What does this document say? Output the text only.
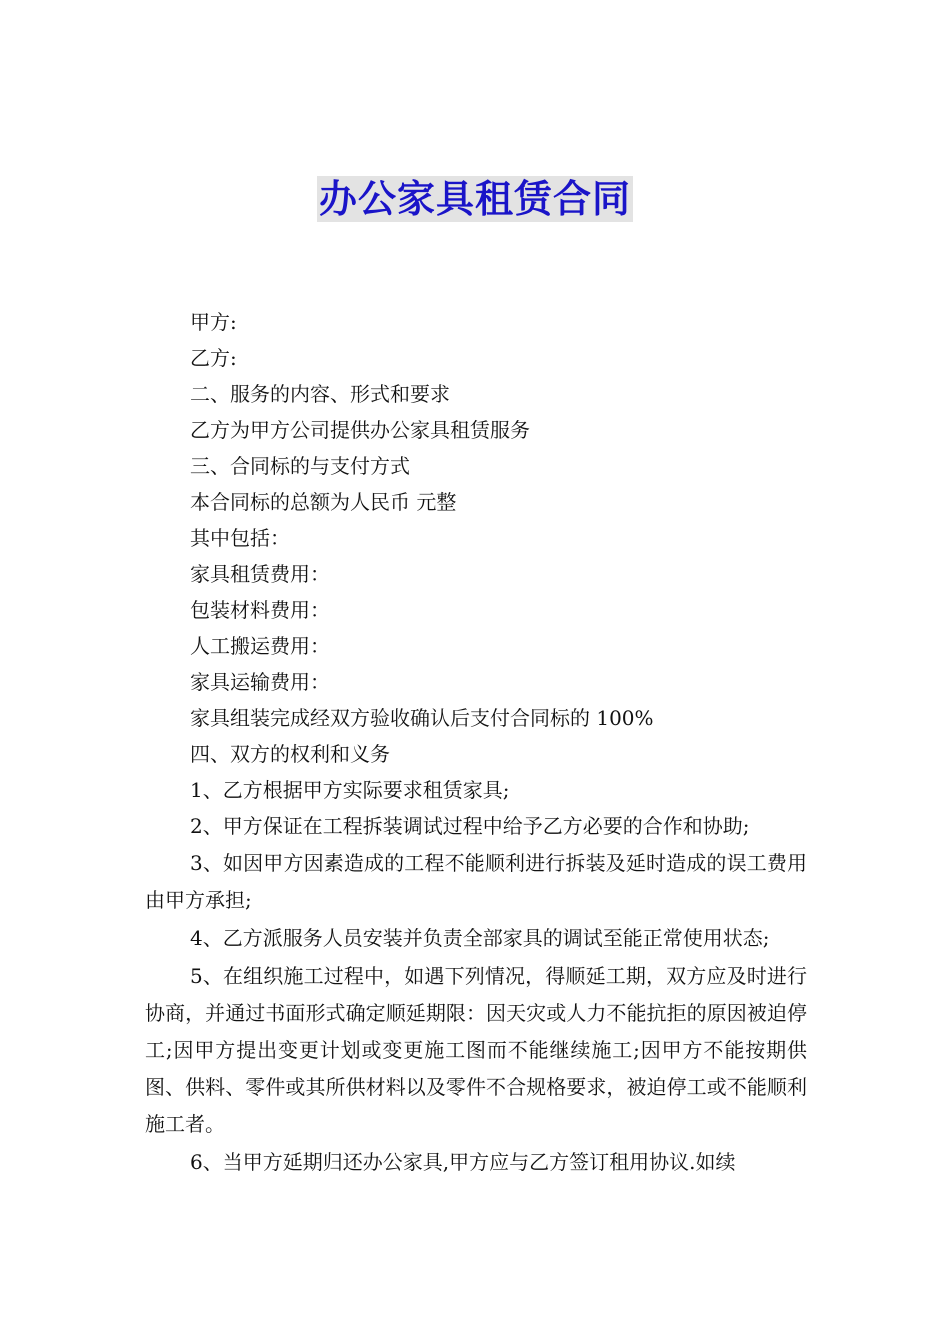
办公家具租赁合同
甲方:
乙方:
二、服务的内容、形式和要求
乙方为甲方公司提供办公家具租赁服务
三、合同标的与支付方式
本合同标的总额为人民币 元整
其中包括：
家具租赁费用：
包装材料费用：
人工搬运费用：
家具运输费用：
家具组装完成经双方验收确认后支付合同标的 100%
四、双方的权利和义务
1、乙方根据甲方实际要求租赁家具;
2、甲方保证在工程拆装调试过程中给予乙方必要的合作和协助;

3、如因甲方因素造成的工程不能顺利进行拆装及延时造成的误工费用由甲方承担;

4、乙方派服务人员安装并负责全部家具的调试至能正常使用状态;

5、在组织施工过程中，如遇下列情况，得顺延工期，双方应及时进行协商，并通过书面形式确定顺延期限：因天灾或人力不能抗拒的原因被迫停工;因甲方提出变更计划或变更施工图而不能继续施工;因甲方不能按期供图、供料、零件或其所供材料以及零件不合规格要求，被迫停工或不能顺利施工者。

6、当甲方延期归还办公家具,甲方应与乙方签订租用协议.如续
